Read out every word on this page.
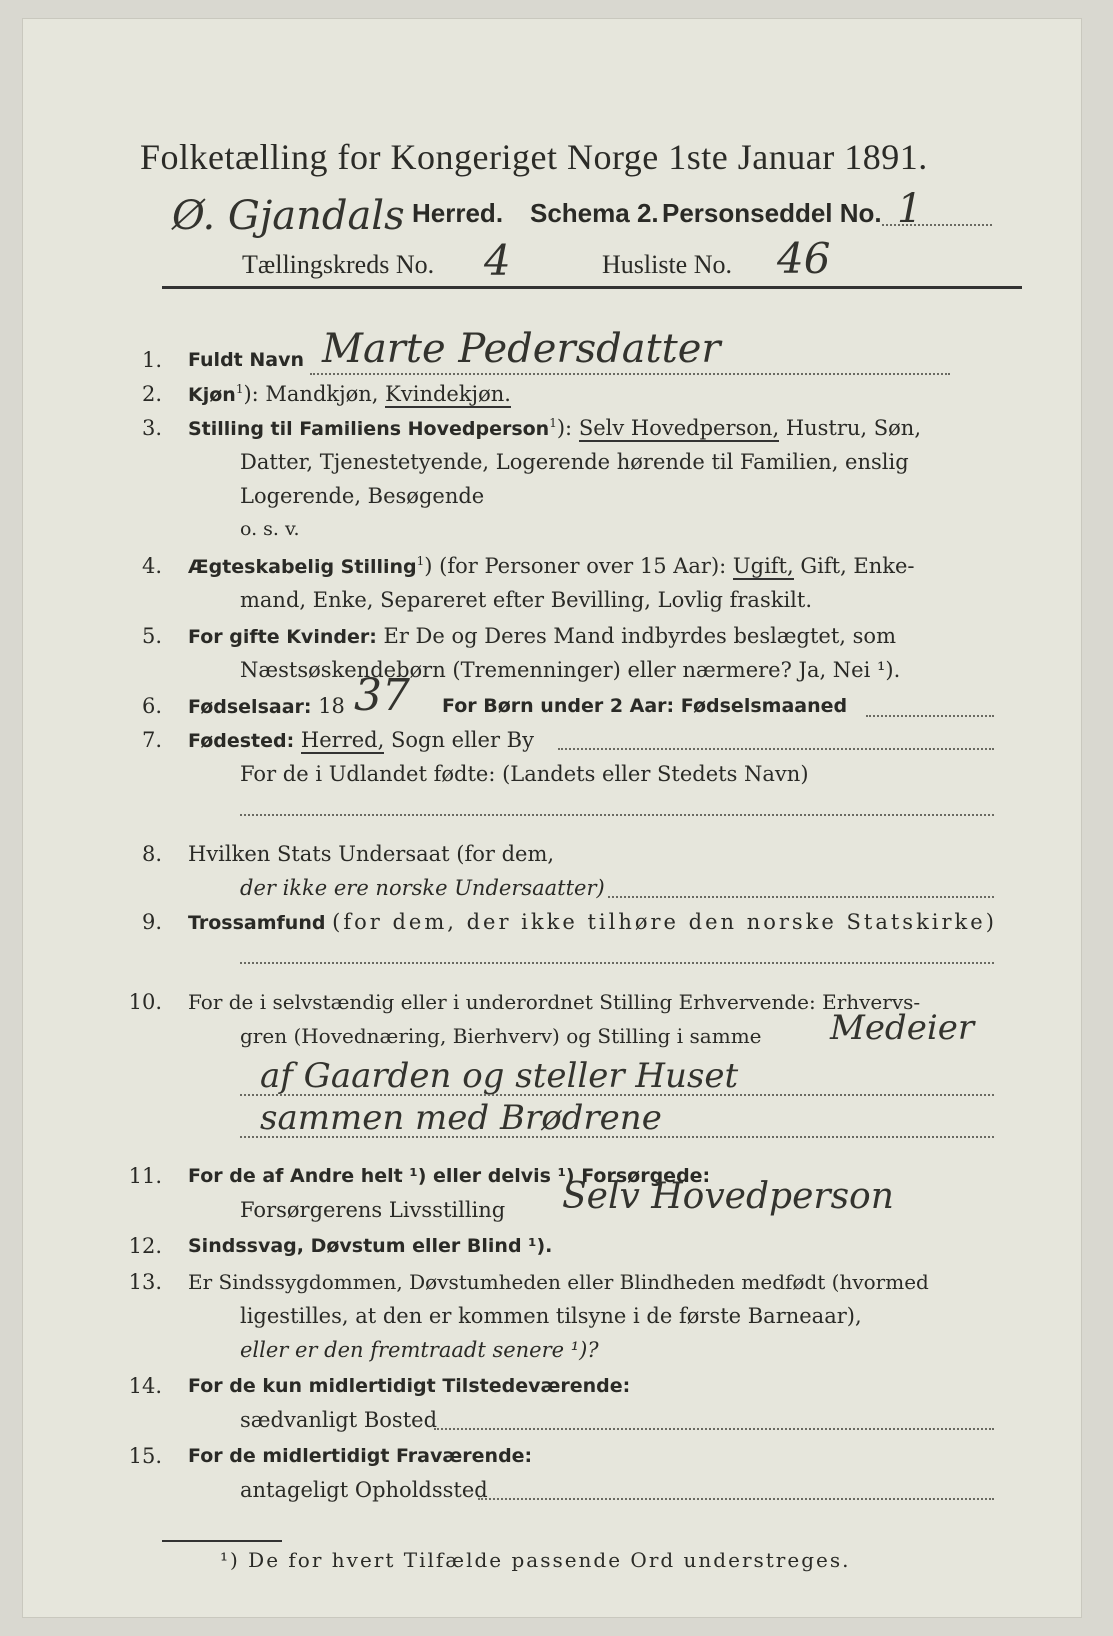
Folketælling for Kongeriget Norge 1ste Januar 1891.
Ø. Gjandals Herred. Schema 2. Personseddel No. 1
Tællingskreds No. 4	Husliste No. 46
1. Fuldt Navn Marte Pedersdatter
2. Kjøn$^1$): Mandkjøn, Kvindekjøn.
3. Stilling til Familiens Hovedperson$^1$): Selv Hovedperson, Hustru, Søn,
Datter, Tjenestetyende, Logerende hørende til Familien, enslig
Logerende, Besøgende
o. s. v.
4. Ægteskabelig Stilling$^1$) (for Personer over 15 Aar): Ugift, Gift, Enke-
mand, Enke, Separeret efter Bevilling, Lovlig fraskilt.
5. For gifte Kvinder: Er De og Deres Mand indbyrdes beslægtet, som
Næstsøskendebørn (Tremenninger) eller nærmere? Ja, Nei ¹).
6. Fødselsaar: 18 37 For Børn under 2 Aar: Fødselsmaaned
7. Fødested: Herred, Sogn eller By
For de i Udlandet fødte: (Landets eller Stedets Navn)
8. Hvilken Stats Undersaat (for dem,
der ikke ere norske Undersaatter)
9. Trossamfund (for dem, der ikke tilhøre den norske Statskirke)
10. For de i selvstændig eller i underordnet Stilling Erhvervende: Erhvervs-
gren (Hovednæring, Bierhverv) og Stilling i samme Medeier
af Gaarden og steller Huset
sammen med Brødrene
11. For de af Andre helt ¹) eller delvis ¹) Forsørgede:
Forsørgerens Livsstilling Selv Hovedperson
12. Sindssvag, Døvstum eller Blind ¹).
13. Er Sindssygdommen, Døvstumheden eller Blindheden medfødt (hvormed
ligestilles, at den er kommen tilsyne i de første Barneaar),
eller er den fremtraadt senere ¹)?
14. For de kun midlertidigt Tilstedeværende:
sædvanligt Bosted
15. For de midlertidigt Fraværende:
antageligt Opholdssted
¹) De for hvert Tilfælde passende Ord understreges.
